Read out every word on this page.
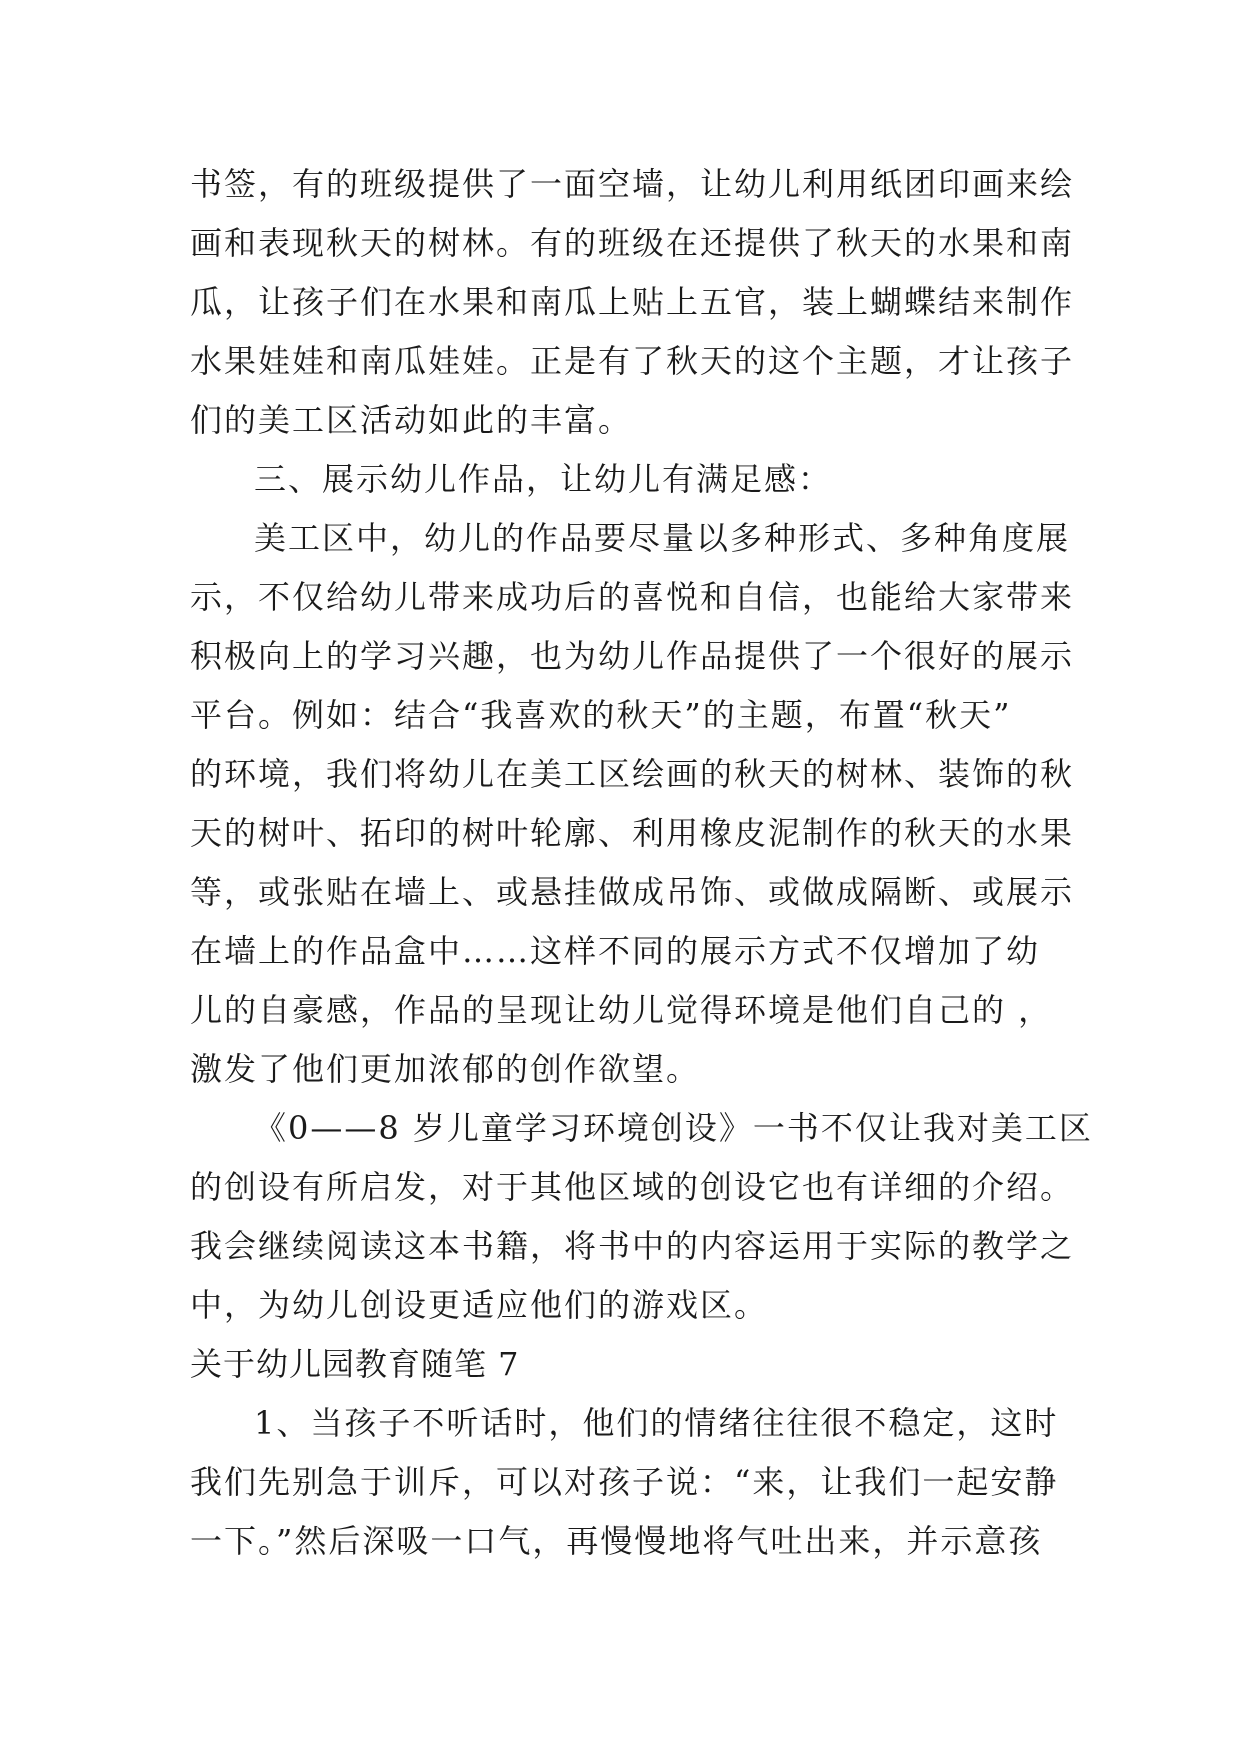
书签，有的班级提供了一面空墙，让幼儿利用纸团印画来绘
画和表现秋天的树林。有的班级在还提供了秋天的水果和南
瓜，让孩子们在水果和南瓜上贴上五官，装上蝴蝶结来制作
水果娃娃和南瓜娃娃。正是有了秋天的这个主题，才让孩子
们的美工区活动如此的丰富。
三、展示幼儿作品，让幼儿有满足感：
美工区中，幼儿的作品要尽量以多种形式、多种角度展
示，不仅给幼儿带来成功后的喜悦和自信，也能给大家带来
积极向上的学习兴趣，也为幼儿作品提供了一个很好的展示
平台。例如：结合“我喜欢的秋天”的主题，布置“秋天”
的环境，我们将幼儿在美工区绘画的秋天的树林、装饰的秋
天的树叶、拓印的树叶轮廓、利用橡皮泥制作的秋天的水果
等，或张贴在墙上、或悬挂做成吊饰、或做成隔断、或展示
在墙上的作品盒中……这样不同的展示方式不仅增加了幼
儿的自豪感，作品的呈现让幼儿觉得环境是他们自己的 ，
激发了他们更加浓郁的创作欲望。
《0——8 岁儿童学习环境创设》一书不仅让我对美工区
的创设有所启发，对于其他区域的创设它也有详细的介绍。
我会继续阅读这本书籍，将书中的内容运用于实际的教学之
中，为幼儿创设更适应他们的游戏区。
关于幼儿园教育随笔 7
1、当孩子不听话时，他们的情绪往往很不稳定，这时
我们先别急于训斥，可以对孩子说：“来，让我们一起安静
一下。”然后深吸一口气，再慢慢地将气吐出来，并示意孩
